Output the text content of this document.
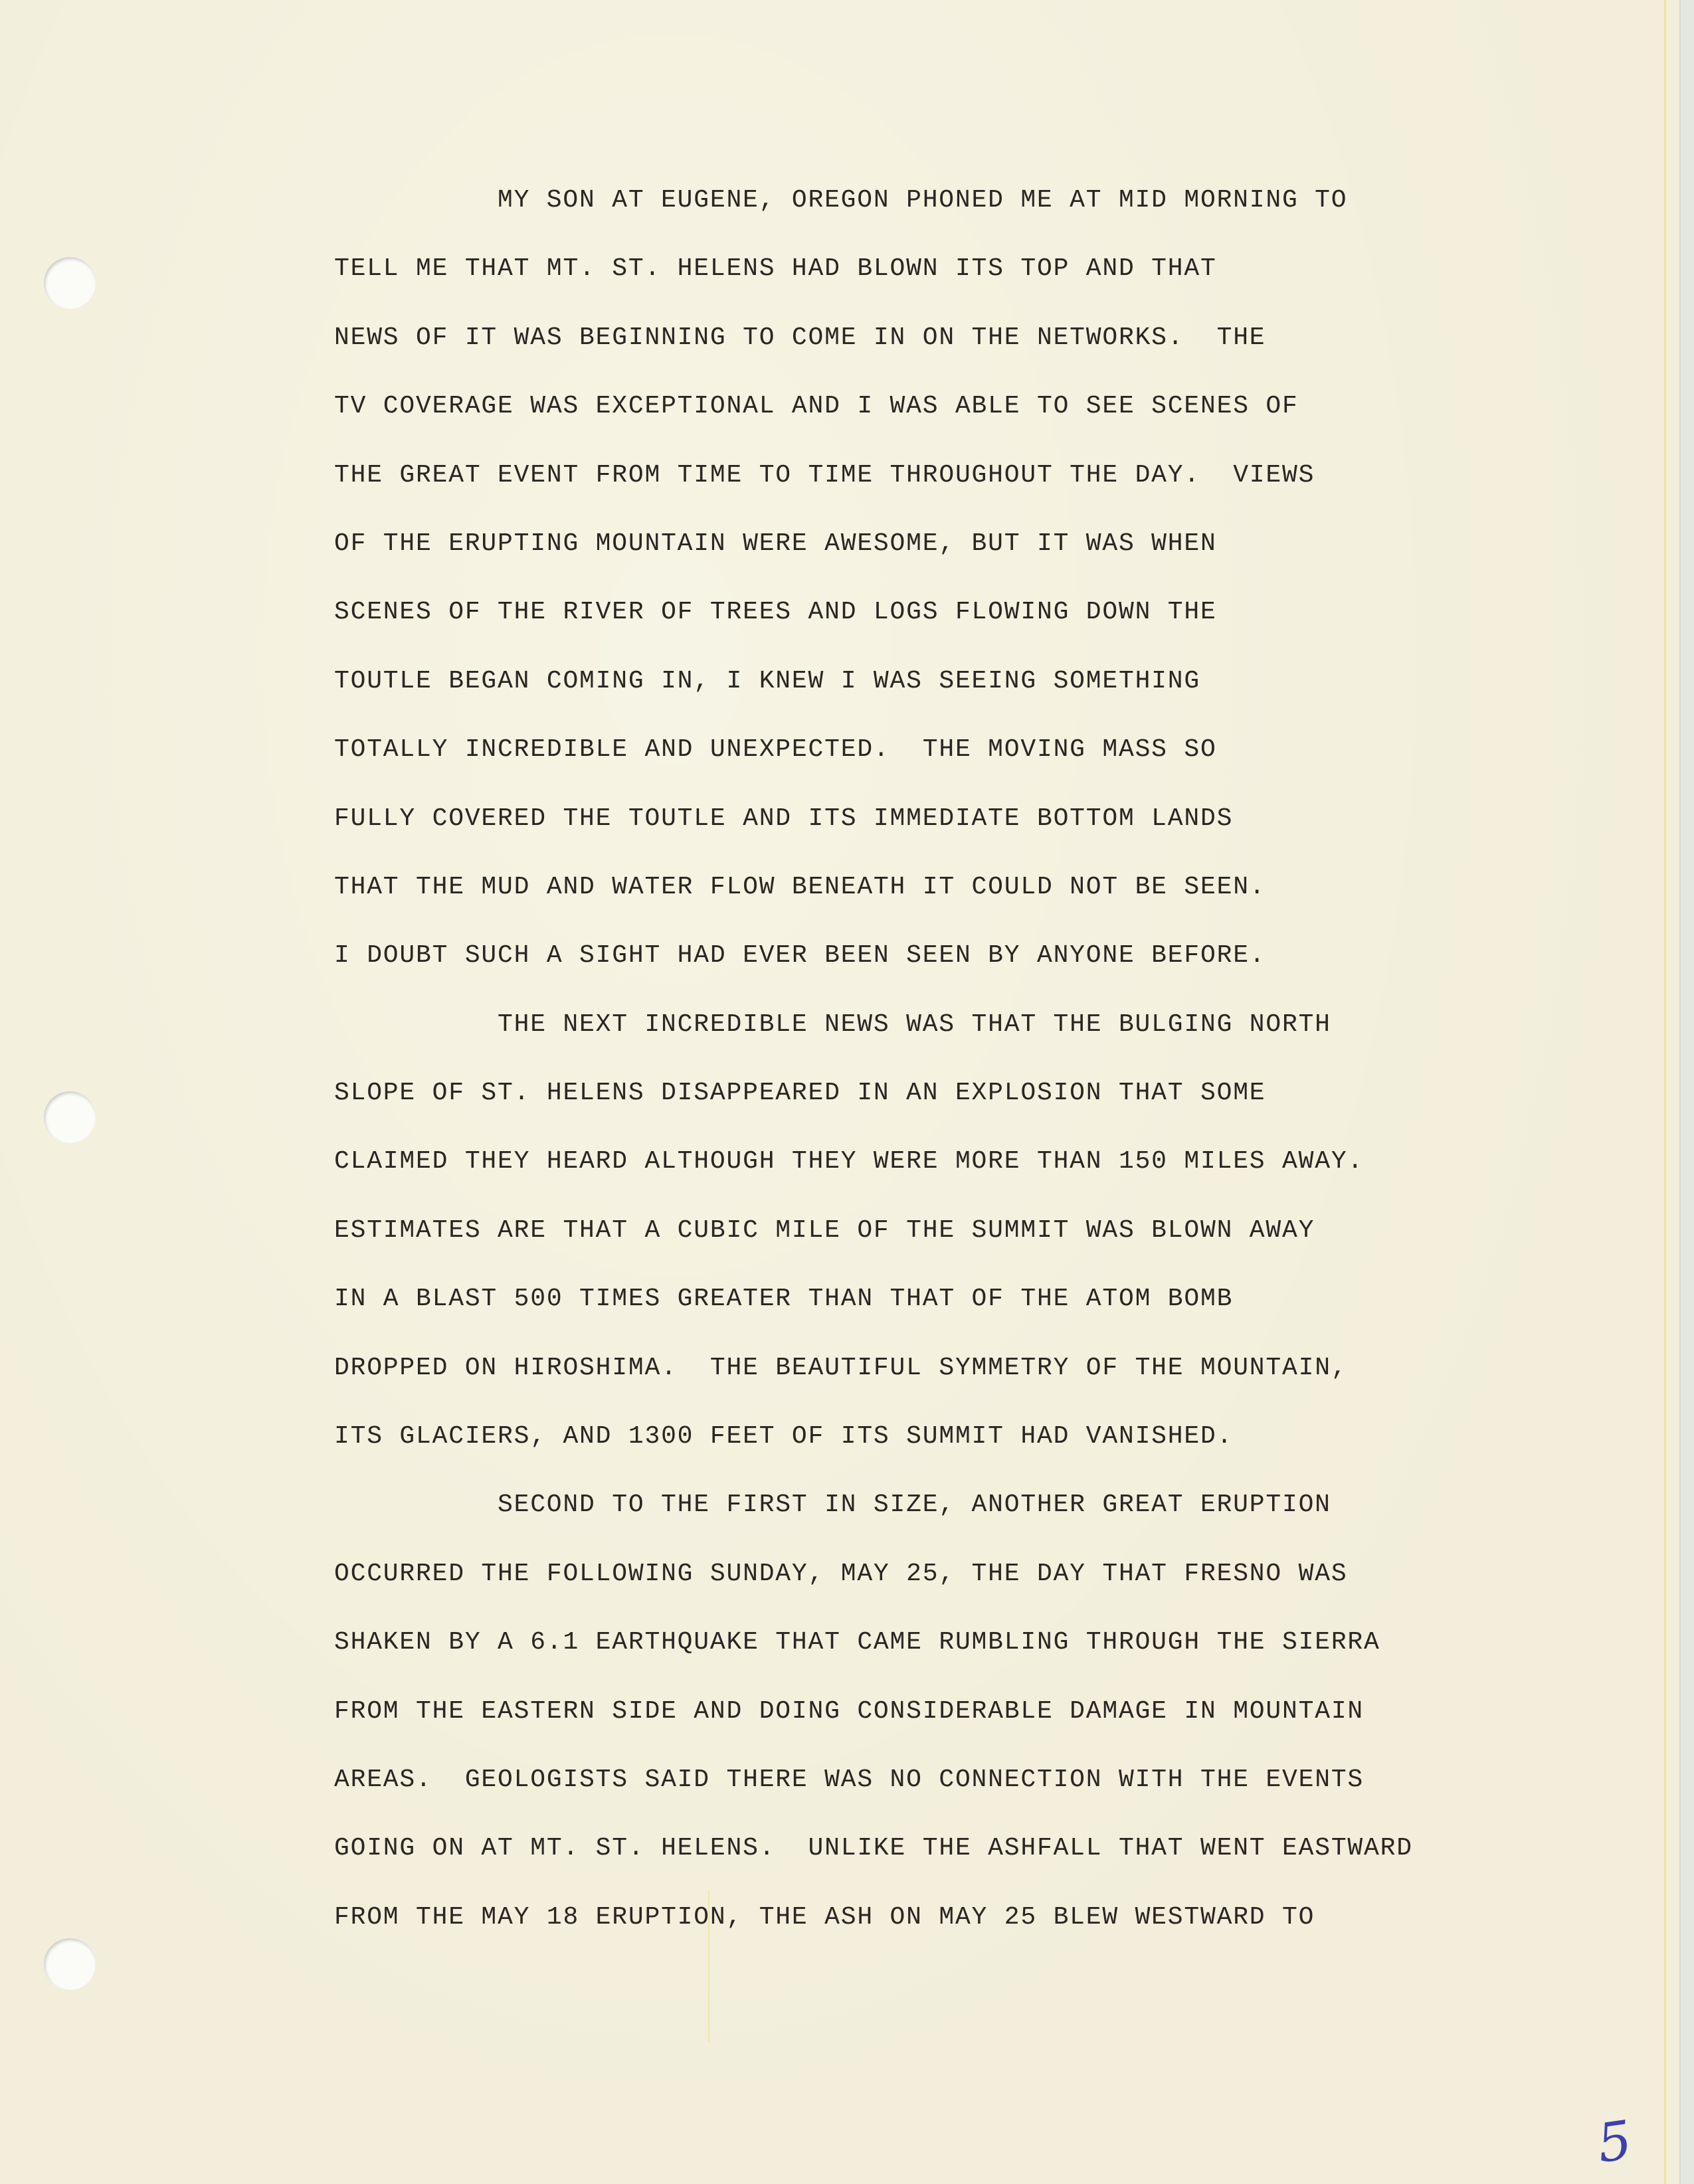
MY SON AT EUGENE, OREGON PHONED ME AT MID MORNING TO
TELL ME THAT MT. ST. HELENS HAD BLOWN ITS TOP AND THAT
NEWS OF IT WAS BEGINNING TO COME IN ON THE NETWORKS.  THE
TV COVERAGE WAS EXCEPTIONAL AND I WAS ABLE TO SEE SCENES OF
THE GREAT EVENT FROM TIME TO TIME THROUGHOUT THE DAY.  VIEWS
OF THE ERUPTING MOUNTAIN WERE AWESOME, BUT IT WAS WHEN
SCENES OF THE RIVER OF TREES AND LOGS FLOWING DOWN THE
TOUTLE BEGAN COMING IN, I KNEW I WAS SEEING SOMETHING
TOTALLY INCREDIBLE AND UNEXPECTED.  THE MOVING MASS SO
FULLY COVERED THE TOUTLE AND ITS IMMEDIATE BOTTOM LANDS
THAT THE MUD AND WATER FLOW BENEATH IT COULD NOT BE SEEN.
I DOUBT SUCH A SIGHT HAD EVER BEEN SEEN BY ANYONE BEFORE.
THE NEXT INCREDIBLE NEWS WAS THAT THE BULGING NORTH
SLOPE OF ST. HELENS DISAPPEARED IN AN EXPLOSION THAT SOME
CLAIMED THEY HEARD ALTHOUGH THEY WERE MORE THAN 150 MILES AWAY.
ESTIMATES ARE THAT A CUBIC MILE OF THE SUMMIT WAS BLOWN AWAY
IN A BLAST 500 TIMES GREATER THAN THAT OF THE ATOM BOMB
DROPPED ON HIROSHIMA.  THE BEAUTIFUL SYMMETRY OF THE MOUNTAIN,
ITS GLACIERS, AND 1300 FEET OF ITS SUMMIT HAD VANISHED.
SECOND TO THE FIRST IN SIZE, ANOTHER GREAT ERUPTION
OCCURRED THE FOLLOWING SUNDAY, MAY 25, THE DAY THAT FRESNO WAS
SHAKEN BY A 6.1 EARTHQUAKE THAT CAME RUMBLING THROUGH THE SIERRA
FROM THE EASTERN SIDE AND DOING CONSIDERABLE DAMAGE IN MOUNTAIN
AREAS.  GEOLOGISTS SAID THERE WAS NO CONNECTION WITH THE EVENTS
GOING ON AT MT. ST. HELENS.  UNLIKE THE ASHFALL THAT WENT EASTWARD
FROM THE MAY 18 ERUPTION, THE ASH ON MAY 25 BLEW WESTWARD TO
5
